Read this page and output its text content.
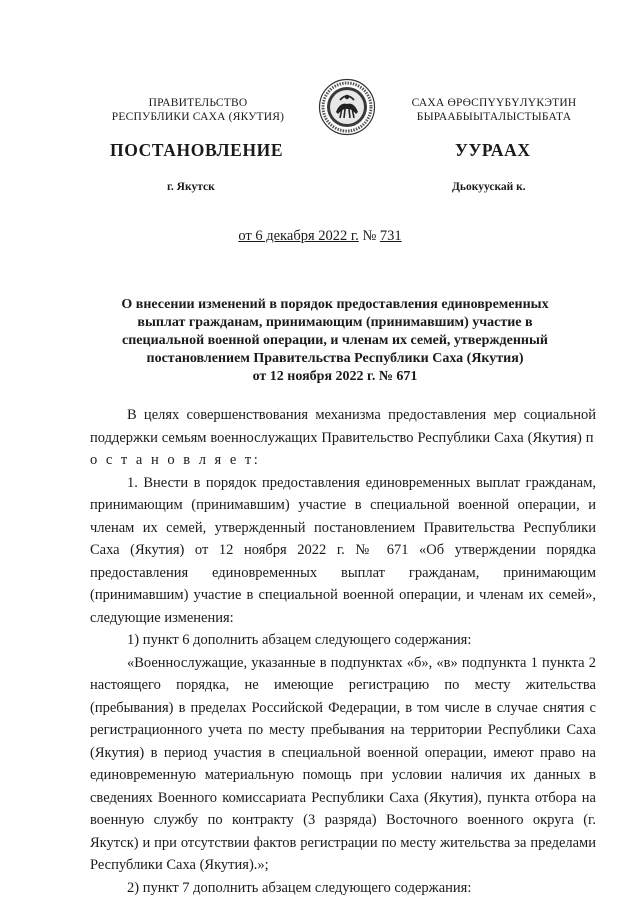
ПРАВИТЕЛЬСТВО
РЕСПУБЛИКИ САХА (ЯКУТИЯ)
САХА ӨРӨСПҮҮБҮЛҮКЭТИН
БЫРААБЫЫТАЛЫСТЫБАТА
ПОСТАНОВЛЕНИЕ	УУРААХ
г. Якутск	Дьокуускай к.
от 6 декабря 2022 г. № 731
О внесении изменений в порядок предоставления единовременных
выплат гражданам, принимающим (принимавшим) участие в
специальной военной операции, и членам их семей, утвержденный
постановлением Правительства Республики Саха (Якутия)
от 12 ноября 2022 г. № 671

В целях совершенствования механизма предоставления мер социальной поддержки семьям военнослужащих Правительство Республики Саха (Якутия) п о с т а н о в л я е т:

1. Внести в порядок предоставления единовременных выплат гражданам, принимающим (принимавшим) участие в специальной военной операции, и членам их семей, утвержденный постановлением Правительства Республики Саха (Якутия) от 12 ноября 2022 г. № 671 «Об утверждении порядка предоставления единовременных выплат гражданам, принимающим (принимавшим) участие в специальной военной операции, и членам их семей», следующие изменения:

1) пункт 6 дополнить абзацем следующего содержания:

«Военнослужащие, указанные в подпунктах «б», «в» подпункта 1 пункта 2 настоящего порядка, не имеющие регистрацию по месту жительства (пребывания) в пределах Российской Федерации, в том числе в случае снятия с регистрационного учета по месту пребывания на территории Республики Саха (Якутия) в период участия в специальной военной операции, имеют право на единовременную материальную помощь при условии наличия их данных в сведениях Военного комиссариата Республики Саха (Якутия), пункта отбора на военную службу по контракту (3 разряда) Восточного военного округа (г. Якутск) и при отсутствии фактов регистрации по месту жительства за пределами Республики Саха (Якутия).»;

2) пункт 7 дополнить абзацем следующего содержания:
